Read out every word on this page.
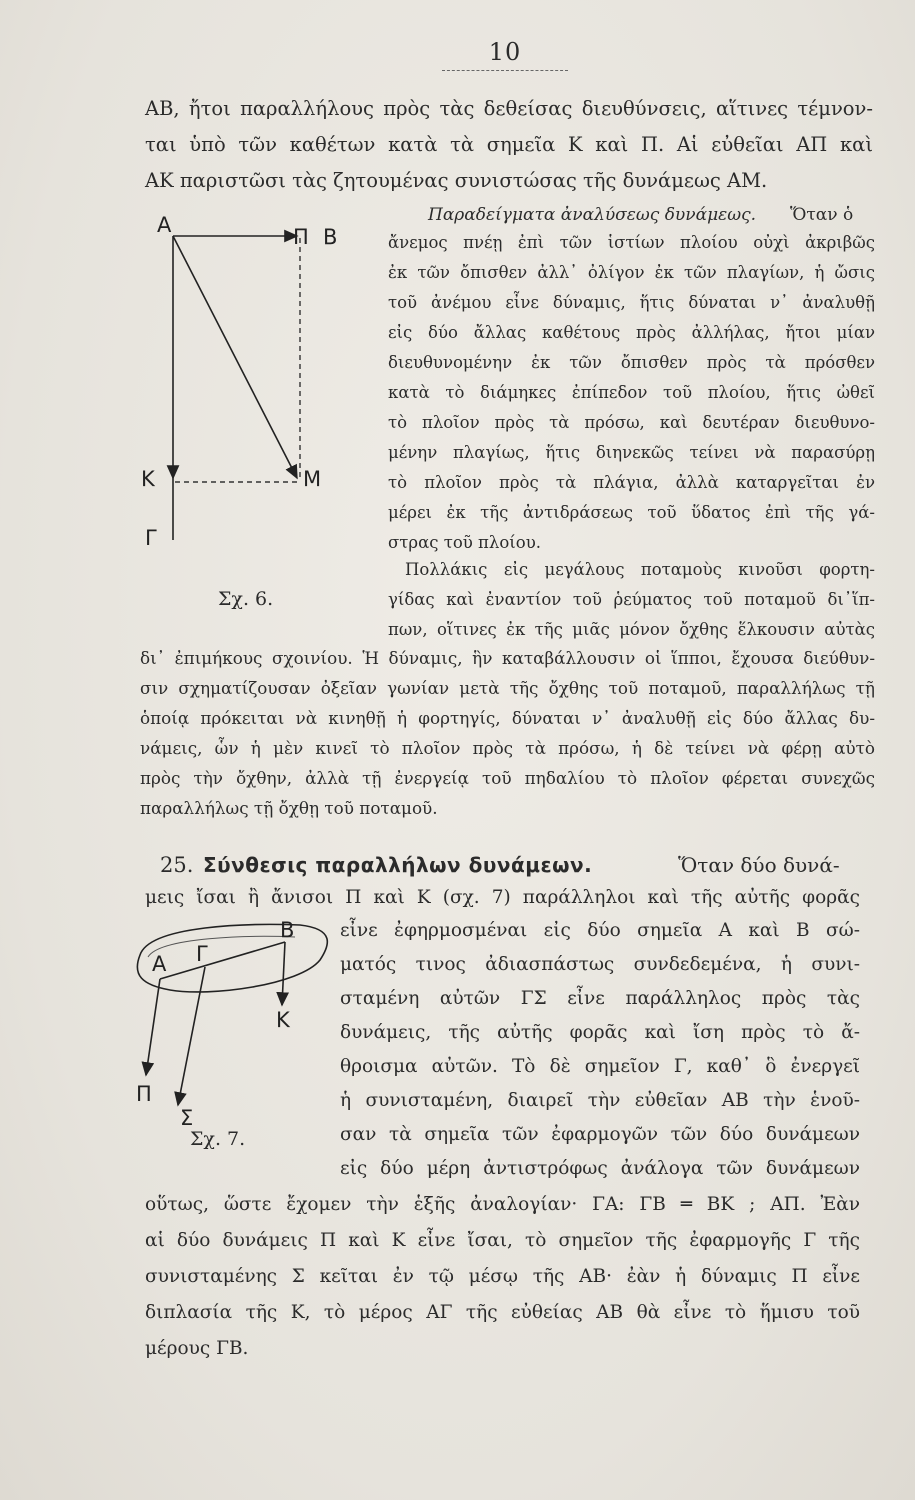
10
ΑΒ, ἤτοι παραλλήλους πρὸς τὰς δεθείσας διευθύνσεις, αἵτινες τέμνον-
ται ὑπὸ τῶν καθέτων κατὰ τὰ σημεῖα Κ καὶ Π. Αἱ εὐθεῖαι ΑΠ καὶ
ΑΚ παριστῶσι τὰς ζητουμένας συνιστώσας τῆς δυνάμεως ΑΜ.
Παραδείγματα ἀναλύσεως δυνάμεως. Ὅταν ὁ
ἄνεμος πνέῃ ἐπὶ τῶν ἱστίων πλοίου οὐχὶ ἀκριβῶς
ἐκ τῶν ὄπισθεν ἀλλ᾿ ὀλίγον ἐκ τῶν πλαγίων, ἡ ὤσις
τοῦ ἀνέμου εἶνε δύναμις, ἥτις δύναται ν᾿ ἀναλυθῇ
εἰς δύο ἄλλας καθέτους πρὸς ἀλλήλας, ἤτοι μίαν
διευθυνομένην ἐκ τῶν ὄπισθεν πρὸς τὰ πρόσθεν
κατὰ τὸ διάμηκες ἐπίπεδον τοῦ πλοίου, ἥτις ὠθεῖ
τὸ πλοῖον πρὸς τὰ πρόσω, καὶ δευτέραν διευθυνο-
μένην πλαγίως, ἥτις διηνεκῶς τείνει νὰ παρασύρῃ
τὸ πλοῖον πρὸς τὰ πλάγια, ἀλλὰ καταργεῖται ἐν
μέρει ἐκ τῆς ἀντιδράσεως τοῦ ὕδατος ἐπὶ τῆς γά-
στρας τοῦ πλοίου.
Πολλάκις εἰς μεγάλους ποταμοὺς κινοῦσι φορτη-
γίδας καὶ ἐναντίον τοῦ ῥεύματος τοῦ ποταμοῦ δι᾿ἵπ-
πων, οἵτινες ἐκ τῆς μιᾶς μόνον ὄχθης ἕλκουσιν αὐτὰς
δι᾿ ἐπιμήκους σχοινίου. Ἡ δύναμις, ἣν καταβάλλουσιν οἱ ἵπποι, ἔχουσα διεύθυν-
σιν σχηματίζουσαν ὀξεῖαν γωνίαν μετὰ τῆς ὄχθης τοῦ ποταμοῦ, παραλλήλως τῇ
ὁποίᾳ πρόκειται νὰ κινηθῇ ἡ φορτηγίς, δύναται ν᾿ ἀναλυθῇ εἰς δύο ἄλλας δυ-
νάμεις, ὧν ἡ μὲν κινεῖ τὸ πλοῖον πρὸς τὰ πρόσω, ἡ δὲ τείνει νὰ φέρῃ αὐτὸ
πρὸς τὴν ὄχθην, ἀλλὰ τῇ ἐνεργείᾳ τοῦ πηδαλίου τὸ πλοῖον φέρεται συνεχῶς
παραλλήλως τῇ ὄχθῃ τοῦ ποταμοῦ.
25. Σύνθεσις παραλλήλων δυνάμεων.	Ὅταν δύο δυνά-
μεις ἴσαι ἢ ἄνισοι Π καὶ Κ (σχ. 7) παράλληλοι καὶ τῆς αὐτῆς φορᾶς
εἶνε ἐφηρμοσμέναι εἰς δύο σημεῖα Α καὶ Β σώ-
ματός τινος ἀδιασπάστως συνδεδεμένα, ἡ συνι-
σταμένη αὐτῶν ΓΣ εἶνε παράλληλος πρὸς τὰς
δυνάμεις, τῆς αὐτῆς φορᾶς καὶ ἴση πρὸς τὸ ἄ-
θροισμα αὐτῶν. Τὸ δὲ σημεῖον Γ, καθ᾿ ὃ ἐνεργεῖ
ἡ συνισταμένη, διαιρεῖ τὴν εὐθεῖαν ΑΒ τὴν ἑνοῦ-
σαν τὰ σημεῖα τῶν ἐφαρμογῶν τῶν δύο δυνάμεων
εἰς δύο μέρη ἀντιστρόφως ἀνάλογα τῶν δυνάμεων
οὕτως, ὥστε ἔχομεν τὴν ἑξῆς ἀναλογίαν· ΓΑ: ΓΒ ═ ΒΚ ; ΑΠ. Ἐὰν
αἱ δύο δυνάμεις Π καὶ Κ εἶνε ἴσαι, τὸ σημεῖον τῆς ἐφαρμογῆς Γ τῆς
συνισταμένης Σ κεῖται ἐν τῷ μέσῳ τῆς ΑΒ· ἐὰν ἡ δύναμις Π εἶνε
διπλασία τῆς Κ, τὸ μέρος ΑΓ τῆς εὐθείας ΑΒ θὰ εἶνε τὸ ἥμισυ τοῦ
μέρους ΓΒ.
Α	Π Β
Κ	Μ
Γ
Σχ. 6.
Β
Α Γ
Κ
Π
Σ
Σχ. 7.
